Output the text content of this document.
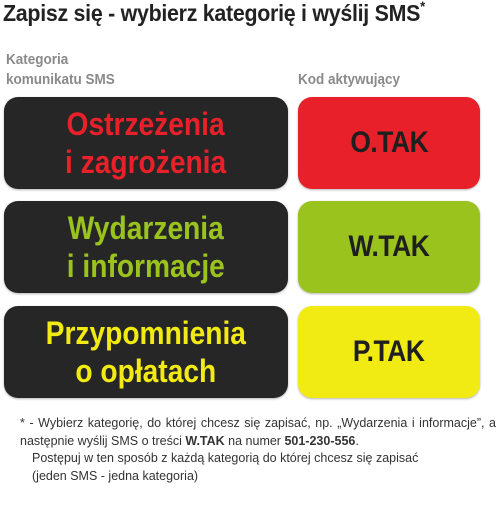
Zapisz się - wybierz kategorię i wyślij SMS*
Kategoria
komunikatu SMS	Kod aktywujący
Ostrzeżenia
i zagrożenia
O.TAK
Wydarzenia
i informacje
W.TAK
Przypomnienia
o opłatach
P.TAK

* - Wybierz kategorię, do której chcesz się zapisać, np. „Wydarzenia i informacje”, a następnie wyślij SMS o treści W.TAK na numer 501-230-556.

Postępuj w ten sposób z każdą kategorią do której chcesz się zapisać

(jeden SMS - jedna kategoria)
